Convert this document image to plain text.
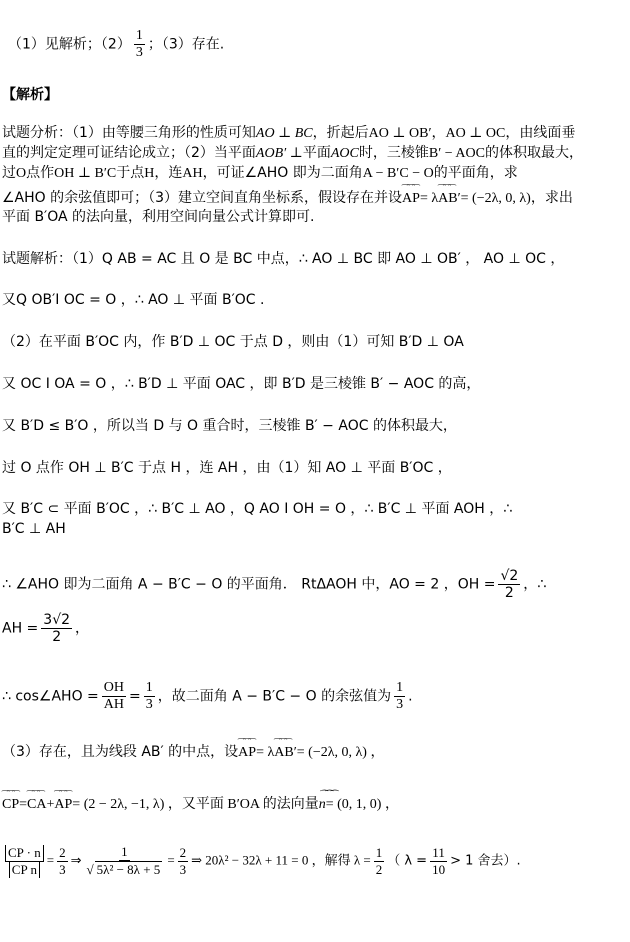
（1）见解析；$(2) \frac{1}{3}$ ；（3）存在.
【解析】
试题分析：（1）由等腰三角形的性质可知AO ⊥ BC，折起后AO ⊥ OB′，AO ⊥ OC，由线面垂
直的判定定理可证结论成立；（2）当平面AOB′ ⊥平面AOC时，三棱锥B′ − AOC的体积取最大，
过O点作OH ⊥ B′C于点H，连AH，可证∠AHO 即为二面角A − B′C − O的平面角，求
∠AHO 的余弦值即可；（3）建立空间直角坐标系，假设存在并设⁀⁀⁀ AP= λ⁀⁀⁀ AB′= (−2λ, 0, λ)，求出
平面 B′OA 的法向量，利用空间向量公式计算即可.
试题解析：（1）Q AB = AC 且 O 是 BC 中点，∴ AO ⊥ BC 即 AO ⊥ OB′ ， AO ⊥ OC ，
又Q OB′I OC = O ，∴ AO ⊥ 平面 B′OC .
（2）在平面 B′OC 内，作 B′D ⊥ OC 于点 D ，则由（1）可知 B′D ⊥ OA
又 OC I OA = O ，∴ B′D ⊥ 平面 OAC ，即 B′D 是三棱锥 B′ − AOC 的高，
又 B′D ≤ B′O ，所以当 D 与 O 重合时，三棱锥 B′ − AOC 的体积最大，
过 O 点作 OH ⊥ B′C 于点 H ，连 AH ，由（1）知 AO ⊥ 平面 B′OC ，
又 B′C ⊂ 平面 B′OC ，∴ B′C ⊥ AO ，Q AO I OH = O ，∴ B′C ⊥ 平面 AOH ，∴
B′C ⊥ AH
∴ ∠AHO 即为二面角 A − B′C − O 的平面角． RtΔAOH 中，AO = 2 ，OH = $\frac{√2}{2}$ ，∴
AH = $\frac{3√2}{2}$ ，
∴ cos∠AHO = $\frac{OH}{AH} = \frac{1}{3}$ ，故二面角 A − B′C − O 的余弦值为 $\frac{1}{3}$ .
（3）存在，且为线段 AB′ 的中点，设⁀⁀⁀ AP= λ⁀⁀⁀ AB′= (−2λ, 0, λ) ，
⁀⁀⁀ CP=⁀⁀⁀ CA+⁀⁀⁀ AP= (2 − 2λ, −1, λ) ，又平面 B′OA 的法向量⁀⁀⁀ n= (0, 1, 0) ，
$\frac{CP \cdot n}{\text{CP n}} = \frac{2}{3}$ ⇒ $\frac{1}{\text{√ 5λ² − 8λ + 5}} = \frac{2}{3}$ ⇒ 20λ² − 32λ + 11 = 0 ，解得 $\lambda = \frac{1}{2}$ （ $\lambda = \frac{11}{10} > 1$ 舍去）.
